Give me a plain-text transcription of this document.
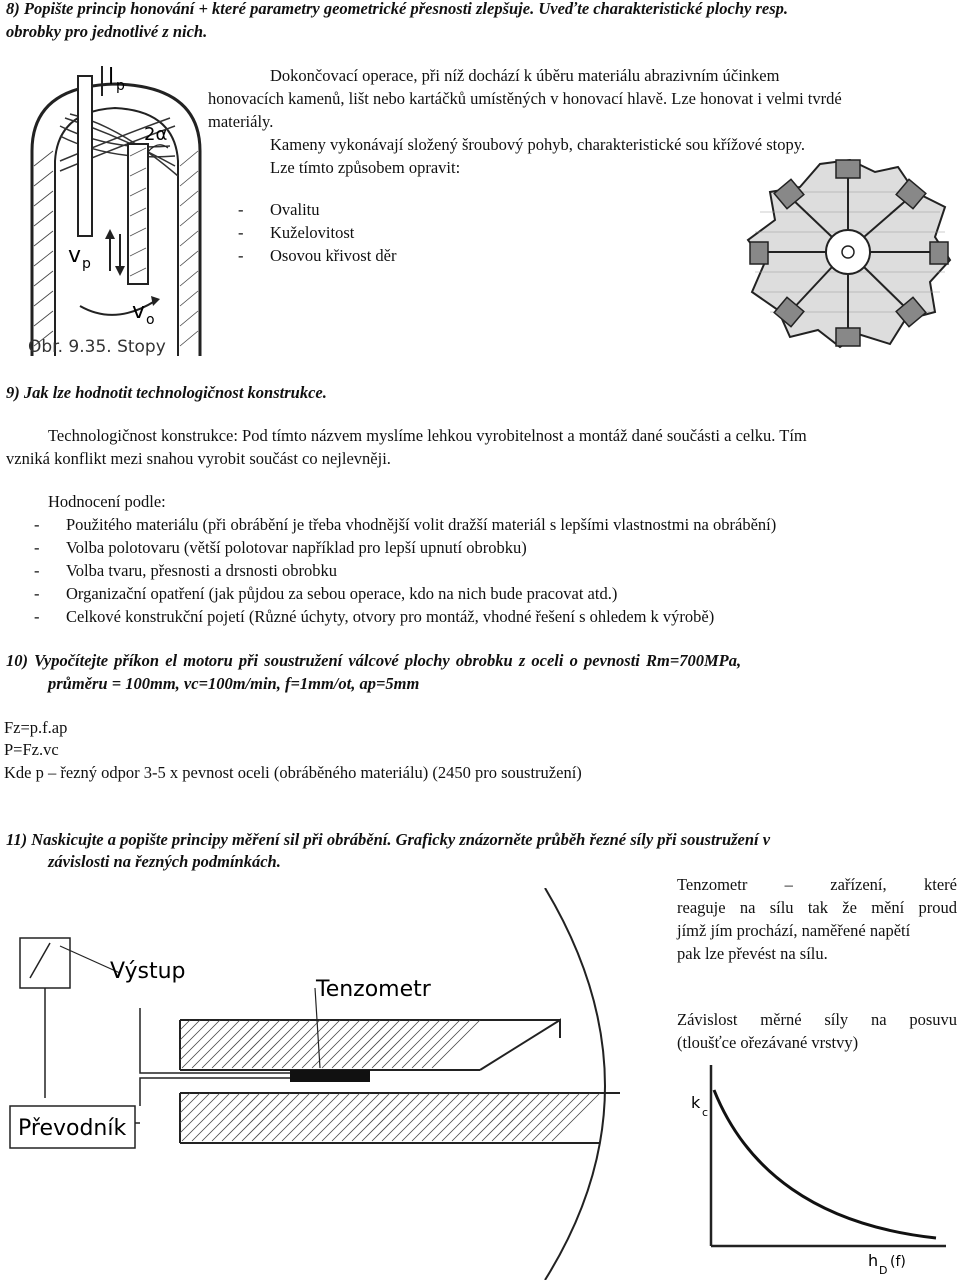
8) Popište princip honování + které parametry geometrické přesnosti zlepšuje. Uveďte charakteristické plochy resp.
obrobky pro jednotlivé z nich.
l p
2α
v p
v o
Obr. 9.35. Stopy
Dokončovací operace, při níž dochází k úběru materiálu abrazivním účinkem
honovacích kamenů, lišt nebo kartáčků umístěných v honovací hlavě. Lze honovat i velmi tvrdé
materiály.
Kameny vykonávají složený šroubový pohyb, charakteristické sou křížové stopy.
Lze tímto způsobem opravit:
- Ovalitu
- Kuželovitost
- Osovou křivost děr
9) Jak lze hodnotit technologičnost konstrukce.
Technologičnost konstrukce: Pod tímto názvem myslíme lehkou vyrobitelnost a montáž dané součásti a celku. Tím
vzniká konflikt mezi snahou vyrobit součást co nejlevněji.
Hodnocení podle:
- Použitého materiálu (při obrábění je třeba vhodnější volit dražší materiál s lepšími vlastnostmi na obrábění)
- Volba polotovaru (větší polotovar například pro lepší upnutí obrobku)
- Volba tvaru, přesnosti a drsnosti obrobku
- Organizační opatření (jak půjdou za sebou operace, kdo na nich bude pracovat atd.)
- Celkové konstrukční pojetí (Různé úchyty, otvory pro montáž, vhodné řešení s ohledem k výrobě)
10) Vypočítejte příkon el motoru při soustružení válcové plochy obrobku z oceli o pevnosti Rm=700MPa,
průměru = 100mm, vc=100m/min, f=1mm/ot, ap=5mm
Fz=p.f.ap
P=Fz.vc
Kde p – řezný odpor 3-5 x pevnost oceli (obráběného materiálu) (2450 pro soustružení)
11) Naskicujte a popište principy měření sil při obrábění. Graficky znázorněte průběh řezné síly při soustružení v
závislosti na řezných podmínkách.
Tenzometr – zařízení, které
reaguje na sílu tak že mění proud
jímž jím prochází, naměřené napětí
pak lze převést na sílu.
Závislost měrné síly na posuvu
(tloušťce ořezávané vrstvy)
Výstup
Tenzometr
Převodník
k
c
h
D
(f)
